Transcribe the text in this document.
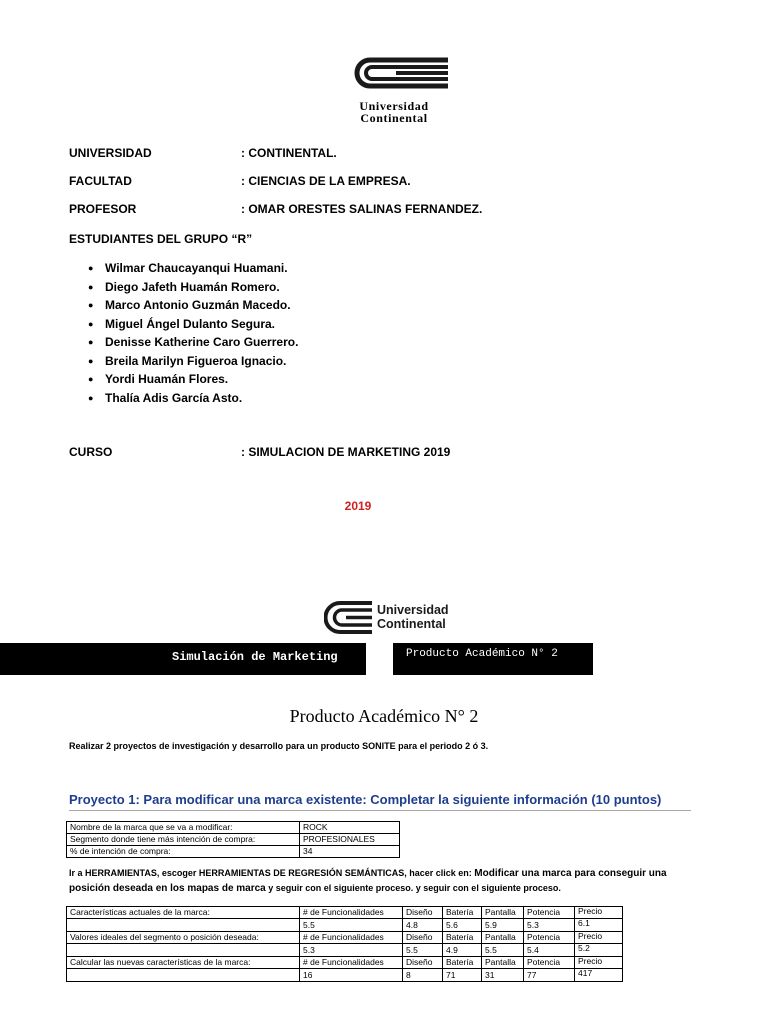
Universidad
Continental
UNIVERSIDAD	: CONTINENTAL.
FACULTAD	: CIENCIAS DE LA EMPRESA.
PROFESOR	: OMAR ORESTES SALINAS FERNANDEZ.
ESTUDIANTES DEL GRUPO “R”
● Wilmar Chaucayanqui Huamani.
● Diego Jafeth Huamán Romero.
● Marco Antonio Guzmán Macedo.
● Miguel Ángel Dulanto Segura.
● Denisse Katherine Caro Guerrero.
● Breila Marilyn Figueroa Ignacio.
● Yordi Huamán Flores.
● Thalía Adis García Asto.
CURSO	: SIMULACION DE MARKETING 2019
2019
Universidad
Continental
Simulación de Marketing	Producto Académico N° 2
Producto Académico N° 2
Realizar 2 proyectos de investigación y desarrollo para un producto SONITE para el periodo 2 ó 3.
Proyecto 1: Para modificar una marca existente: Completar la siguiente información (10 puntos)
Nombre de la marca que se va a modificar:	ROCK
Segmento donde tiene más intención de compra:	PROFESIONALES
% de intención de compra:	34
Ir a HERRAMIENTAS, escoger HERRAMIENTAS DE REGRESIÓN SEMÁNTICAS, hacer click en: Modificar una marca para conseguir una posición deseada en los mapas de marca y seguir con el siguiente proceso. y seguir con el siguiente proceso.
Características actuales de la marca:	# de Funcionalidades	Diseño	Batería	Pantalla	Potencia	Precio
	5.5	4.8	5.6	5.9	5.3	6.1
Valores ideales del segmento o posición deseada:	# de Funcionalidades	Diseño	Batería	Pantalla	Potencia	Precio
	5.3	5.5	4.9	5.5	5.4	5.2
Calcular las nuevas características de la marca:	# de Funcionalidades	Diseño	Batería	Pantalla	Potencia	Precio
	16	8	71	31	77	417
